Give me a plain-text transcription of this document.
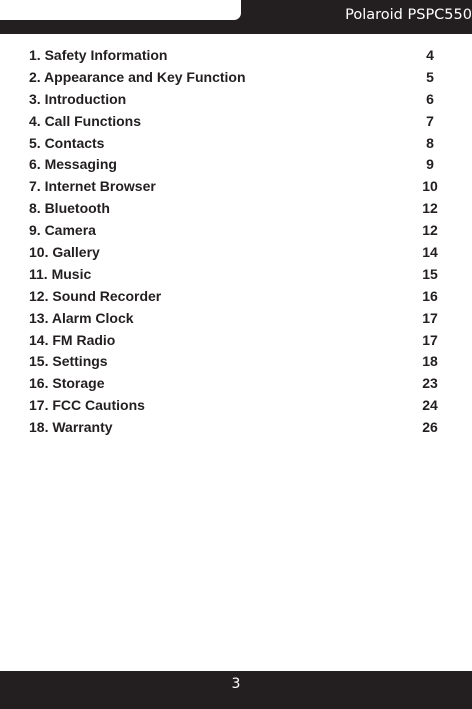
Polaroid PSPC550
1. Safety Information	4
2. Appearance and Key Function	5
3. Introduction	6
4. Call Functions	7
5. Contacts	8
6. Messaging	9
7. Internet Browser	10
8. Bluetooth	12
9. Camera	12
10. Gallery	14
11. Music	15
12. Sound Recorder	16
13. Alarm Clock	17
14. FM Radio	17
15. Settings	18
16. Storage	23
17. FCC Cautions	24
18. Warranty	26
3
